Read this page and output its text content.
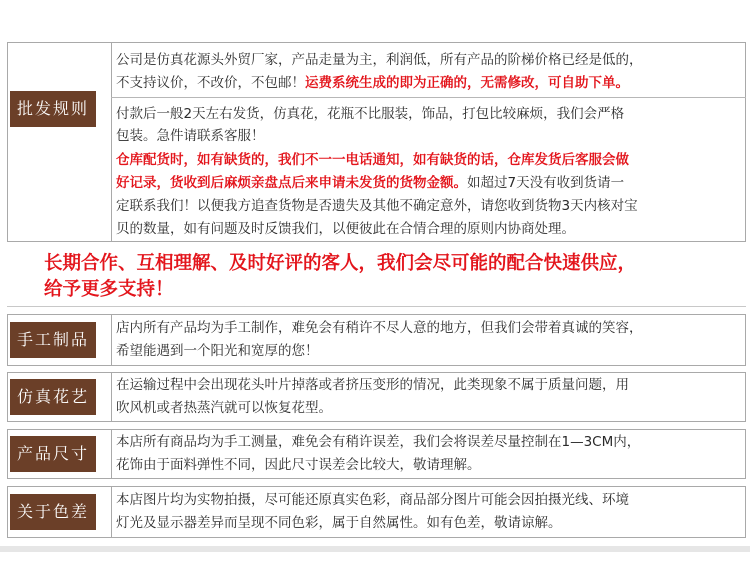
批发规则
公司是仿真花源头外贸厂家，产品走量为主，利润低，所有产品的阶梯价格已经是低的，
不支持议价，不改价，不包邮！运费系统生成的即为正确的，无需修改，可自助下单。
付款后一般2天左右发货，仿真花，花瓶不比服装，饰品，打包比较麻烦，我们会严格
包装。急件请联系客服！
仓库配货时，如有缺货的，我们不一一电话通知，如有缺货的话，仓库发货后客服会做
好记录，货收到后麻烦亲盘点后来申请未发货的货物金额。如超过7天没有收到货请一
定联系我们！以便我方追查货物是否遗失及其他不确定意外，请您收到货物3天内核对宝
贝的数量，如有问题及时反馈我们，以便彼此在合情合理的原则内协商处理。
长期合作、互相理解、及时好评的客人，我们会尽可能的配合快速供应，
给予更多支持！
手工制品
店内所有产品均为手工制作，难免会有稍许不尽人意的地方，但我们会带着真诚的笑容，
希望能遇到一个阳光和宽厚的您！
仿真花艺
在运输过程中会出现花头叶片掉落或者挤压变形的情况，此类现象不属于质量问题，用
吹风机或者热蒸汽就可以恢复花型。
产品尺寸
本店所有商品均为手工测量，难免会有稍许误差，我们会将误差尽量控制在1—3CM内，
花饰由于面料弹性不同，因此尺寸误差会比较大，敬请理解。
关于色差
本店图片均为实物拍摄，尽可能还原真实色彩，商品部分图片可能会因拍摄光线、环境
灯光及显示器差异而呈现不同色彩，属于自然属性。如有色差，敬请谅解。
